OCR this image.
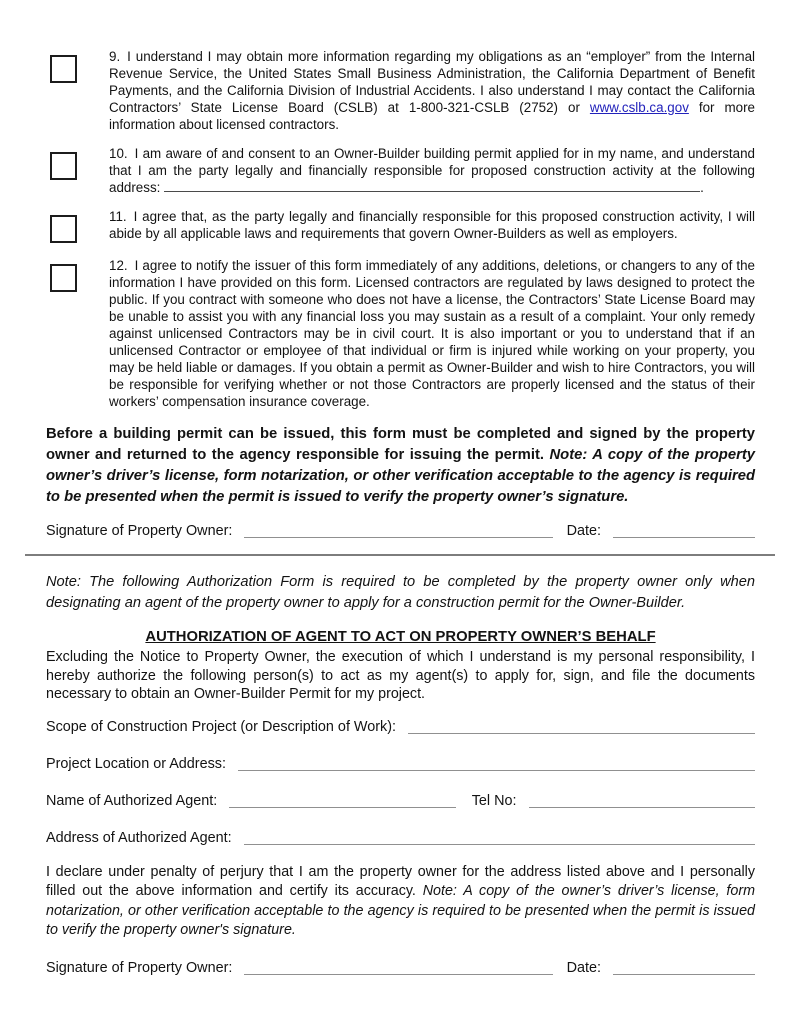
9. I understand I may obtain more information regarding my obligations as an “employer” from the Internal Revenue Service, the United States Small Business Administration, the California Department of Benefit Payments, and the California Division of Industrial Accidents. I also understand I may contact the California Contractors’ State License Board (CSLB) at 1-800-321-CSLB (2752) or www.cslb.ca.gov for more information about licensed contractors.

10. I am aware of and consent to an Owner-Builder building permit applied for in my name, and understand that I am the party legally and financially responsible for proposed construction activity at the following address:	.

11. I agree that, as the party legally and financially responsible for this proposed construction activity, I will abide by all applicable laws and requirements that govern Owner-Builders as well as employers.

12. I agree to notify the issuer of this form immediately of any additions, deletions, or changers to any of the information I have provided on this form. Licensed contractors are regulated by laws designed to protect the public. If you contract with someone who does not have a license, the Contractors’ State License Board may be unable to assist you with any financial loss you may sustain as a result of a complaint. Your only remedy against unlicensed Contractors may be in civil court. It is also important or you to understand that if an unlicensed Contractor or employee of that individual or firm is injured while working on your property, you may be held liable or damages. If you obtain a permit as Owner-Builder and wish to hire Contractors, you will be responsible for verifying whether or not those Contractors are properly licensed and the status of their workers’ compensation insurance coverage.

Before a building permit can be issued, this form must be completed and signed by the property owner and returned to the agency responsible for issuing the permit. Note: A copy of the property owner’s driver’s license, form notarization, or other verification acceptable to the agency is required to be presented when the permit is issued to verify the property owner’s signature.

Signature of Property Owner:	Date:

Note: The following Authorization Form is required to be completed by the property owner only when designating an agent of the property owner to apply for a construction permit for the Owner-Builder.

AUTHORIZATION OF AGENT TO ACT ON PROPERTY OWNER’S BEHALF

Excluding the Notice to Property Owner, the execution of which I understand is my personal responsibility, I hereby authorize the following person(s) to act as my agent(s) to apply for, sign, and file the documents necessary to obtain an Owner-Builder Permit for my project.

Scope of Construction Project (or Description of Work):
Project Location or Address:
Name of Authorized Agent:	Tel No:
Address of Authorized Agent:

I declare under penalty of perjury that I am the property owner for the address listed above and I personally filled out the above information and certify its accuracy. Note: A copy of the owner’s driver’s license, form notarization, or other verification acceptable to the agency is required to be presented when the permit is issued to verify the property owner's signature.

Signature of Property Owner:	Date:
